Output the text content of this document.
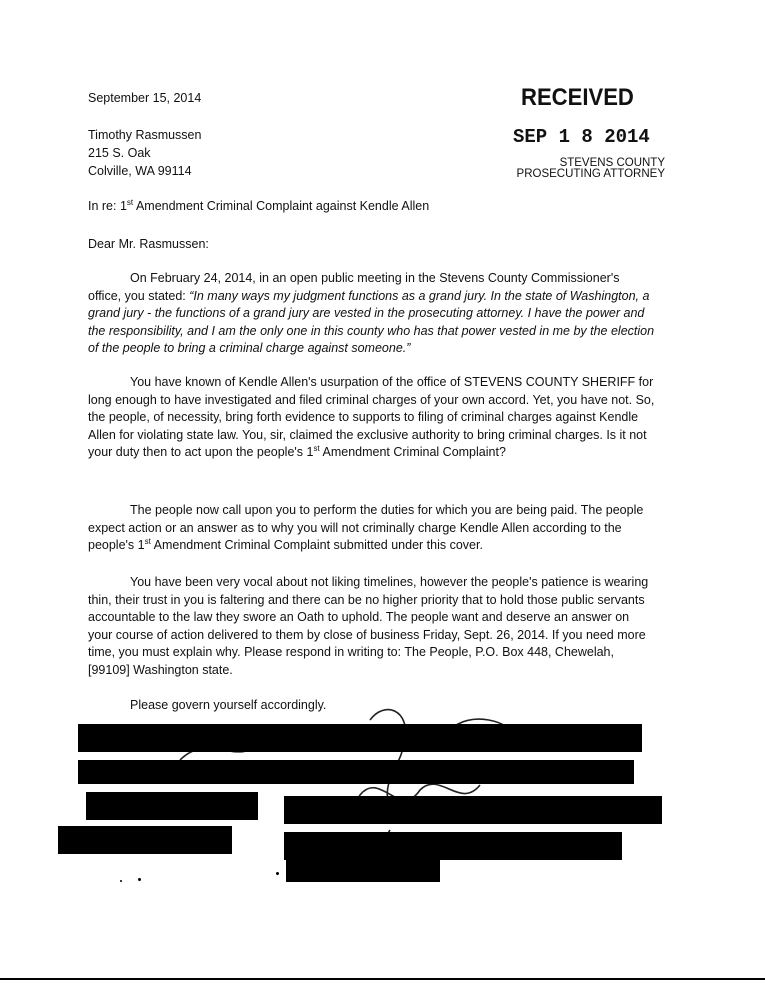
September 15, 2014
Timothy Rasmussen
215 S. Oak
Colville, WA 99114
RECEIVED
SEP 1 8 2014
STEVENS COUNTY
PROSECUTING ATTORNEY
In re: 1st Amendment Criminal Complaint against Kendle Allen
Dear Mr. Rasmussen:
On February 24, 2014, in an open public meeting in the Stevens County Commissioner's office, you stated: “In many ways my judgment functions as a grand jury. In the state of Washington, a grand jury - the functions of a grand jury are vested in the prosecuting attorney. I have the power and the responsibility, and I am the only one in this county who has that power vested in me by the election of the people to bring a criminal charge against someone.”
You have known of Kendle Allen's usurpation of the office of STEVENS COUNTY SHERIFF for long enough to have investigated and filed criminal charges of your own accord. Yet, you have not. So, the people, of necessity, bring forth evidence to supports to filing of criminal charges against Kendle Allen for violating state law. You, sir, claimed the exclusive authority to bring criminal charges. Is it not your duty then to act upon the people's 1st Amendment Criminal Complaint?
The people now call upon you to perform the duties for which you are being paid. The people expect action or an answer as to why you will not criminally charge Kendle Allen according to the people's 1st Amendment Criminal Complaint submitted under this cover.
You have been very vocal about not liking timelines, however the people's patience is wearing thin, their trust in you is faltering and there can be no higher priority that to hold those public servants accountable to the law they swore an Oath to uphold. The people want and deserve an answer on your course of action delivered to them by close of business Friday, Sept. 26, 2014. If you need more time, you must explain why. Please respond in writing to: The People, P.O. Box 448, Chewelah, [99109] Washington state.
Please govern yourself accordingly.
